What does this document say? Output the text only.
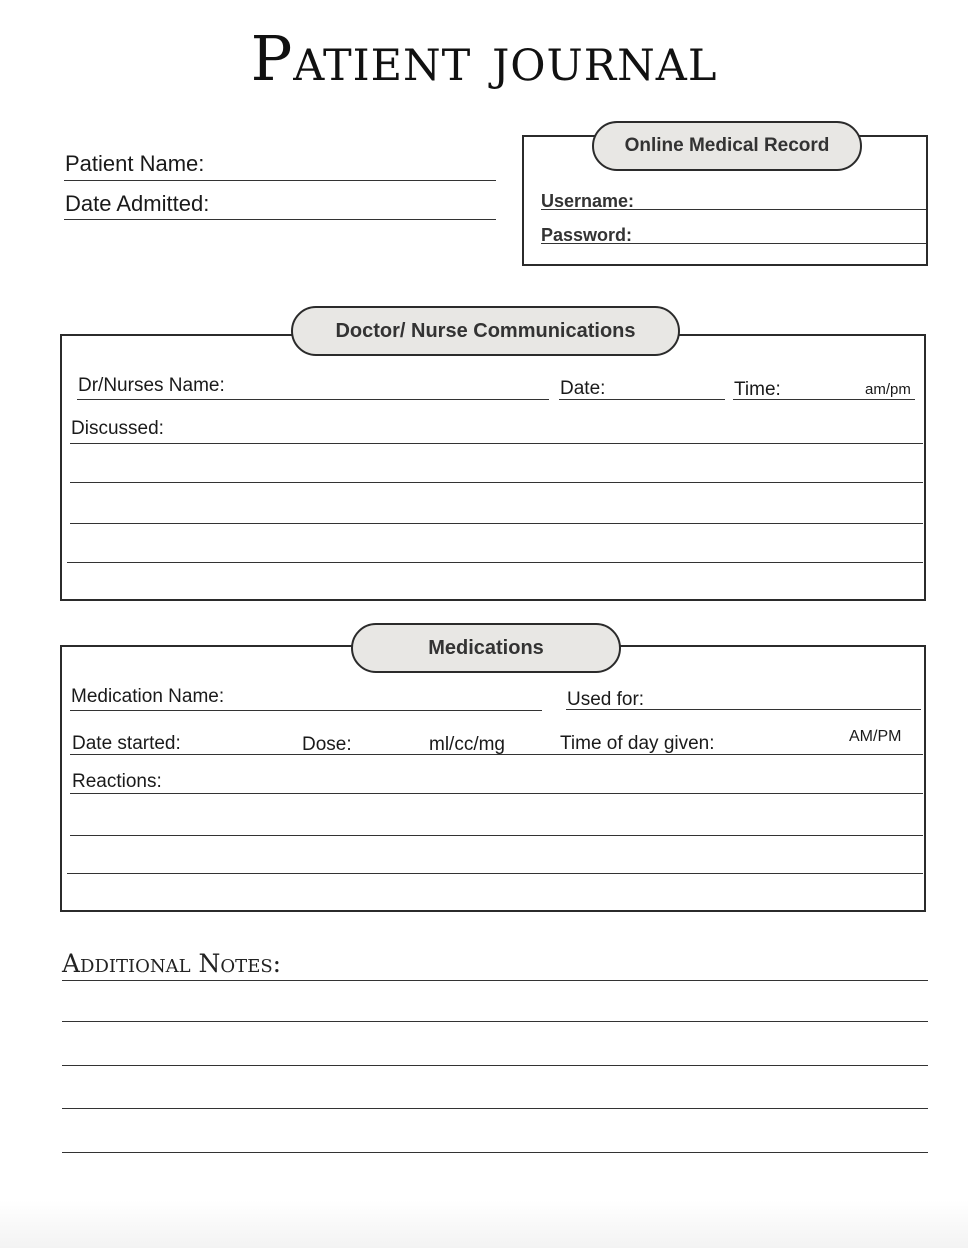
Patient journal
Patient Name:
Date Admitted:
Online Medical Record
Username:
Password:
Doctor/ Nurse Communications
Dr/Nurses Name:	Date:	Time:	am/pm
Discussed:
Medications
Medication Name:	Used for:
Date started:	Dose:	ml/cc/mg	Time of day given:	AM/PM
Reactions:
Additional Notes:
